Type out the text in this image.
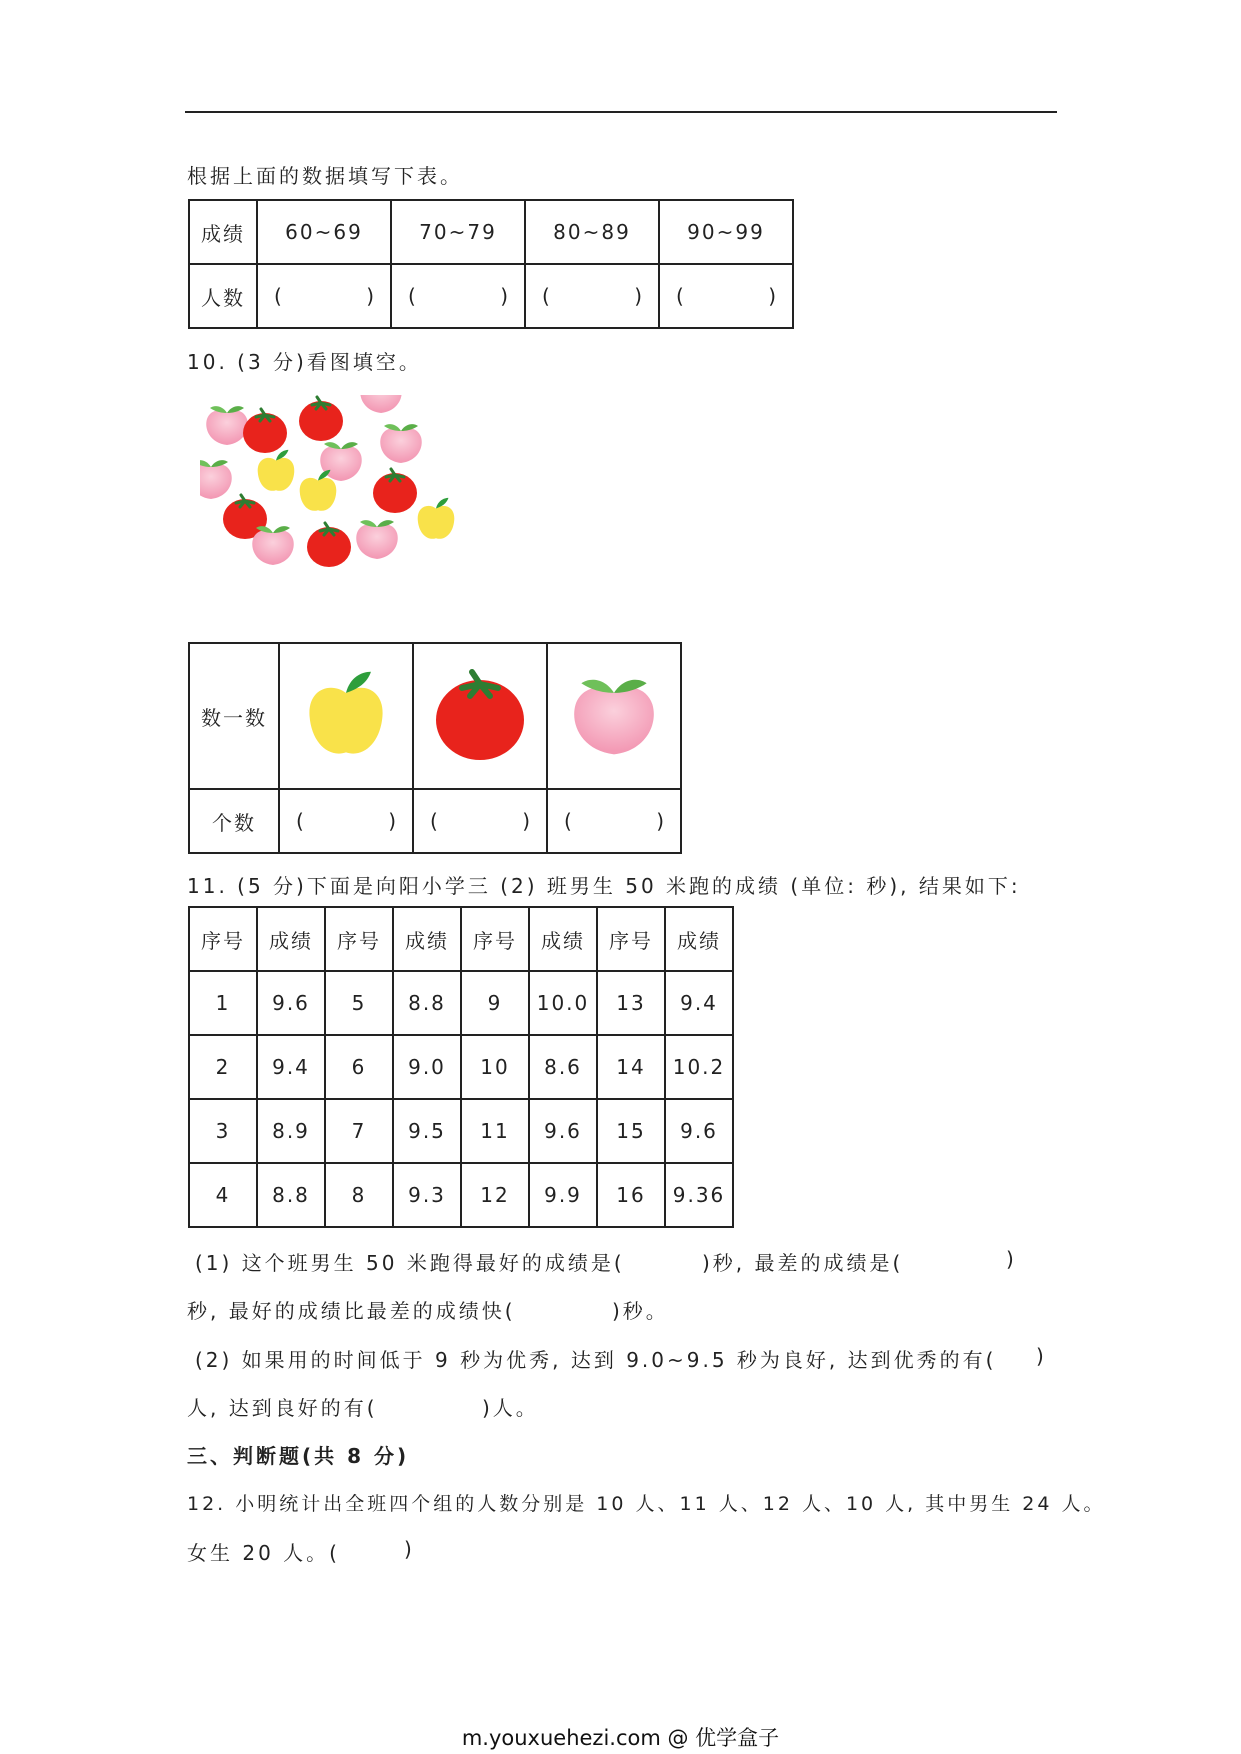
根据上面的数据填写下表。
成绩	60~69	70~79	80~89	90~99
人数	( )	( )	( )	( )
10. (3 分)看图填空。
数一数			
个数	( )	( )	( )
11. (5 分)下面是向阳小学三 (2) 班男生 50 米跑的成绩 (单位: 秒), 结果如下:
序号	成绩	序号	成绩	序号	成绩	序号	成绩
1	9.6	5	8.8	9	10.0	13	9.4
2	9.4	6	9.0	10	8.6	14	10.2
3	8.9	7	9.5	11	9.6	15	9.6
4	8.8	8	9.3	12	9.9	16	9.36
(1) 这个班男生 50 米跑得最好的成绩是(	)秒, 最差的成绩是(	)
秒, 最好的成绩比最差的成绩快(	)秒。
(2) 如果用的时间低于 9 秒为优秀, 达到 9.0~9.5 秒为良好, 达到优秀的有( )
人, 达到良好的有(	)人。
三、判断题(共 8 分)
12. 小明统计出全班四个组的人数分别是 10 人、11 人、12 人、10 人, 其中男生 24 人。
女生 20 人。(	)
m.youxuehezi.com @ 优学盒子
